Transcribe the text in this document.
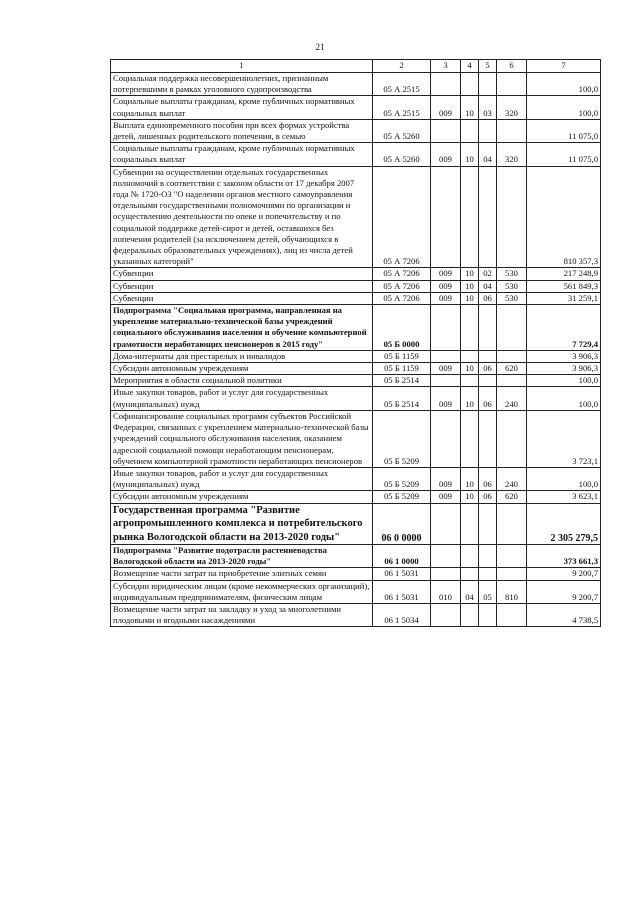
21
1	2	3	4	5	6	7
Социальная поддержка несовершеннолетних, признанным потерпевшими в рамках уголовного судопроизводства	05 А 2515					100,0
Социальные выплаты гражданам, кроме публичных нормативных социальных выплат	05 А 2515	009	10	03	320	100,0
Выплата единовременного пособия при всех формах устройства детей, лишенных родительского попечения, в семью	05 А 5260					11 075,0
Социальные выплаты гражданам, кроме публичных нормативных социальных выплат	05 А 5260	009	10	04	320	11 075,0
Субвенции на осуществлении отдельных государственных полномочий в соответствии с законом области от 17 декабря 2007 года № 1720-ОЗ "О наделении органов местного самоуправления отдельными государственными полномочиями по организации и осуществлению деятельности по опеке и попечительству и по социальной поддержке детей-сирот и детей, оставшихся без попечения родителей (за исключением детей, обучающихся в федеральных образовательных учреждениях), лиц из числа детей указанных категорий"	05 А 7206					810 357,3
Субвенции	05 А 7206	009	10	02	530	217 248,9
Субвенции	05 А 7206	009	10	04	530	561 849,3
Субвенции	05 А 7206	009	10	06	530	31 259,1
Подпрограмма "Социальная программа, направленная на укрепление материально-технической базы учреждений социального обслуживания населения и обучение компьютерной грамотности неработающих пенсионеров в 2015 году"	05 Б 0000					7 729,4
Дома-интернаты для престарелых и инвалидов	05 Б 1159					3 906,3
Субсидии автономным учреждениям	05 Б 1159	009	10	06	620	3 906,3
Мероприятия в области социальной политики	05 Б 2514					100,0
Иные закупки товаров, работ и услуг для государственных (муниципальных) нужд	05 Б 2514	009	10	06	240	100,0
Софинансирование социальных программ субъектов Российской Федерации, связанных с укреплением материально-технической базы учреждений социального обслуживания населения, оказанием адресной социальной помощи неработающим пенсионерам, обучением компьютерной грамотности неработающих пенсионеров	05 Б 5209					3 723,1
Иные закупки товаров, работ и услуг для государственных (муниципальных) нужд	05 Б 5209	009	10	06	240	100,0
Субсидии автономным учреждениям	05 Б 5209	009	10	06	620	3 623,1
Государственная программа "Развитие агропромышленного комплекса и потребительского рынка Вологодской области на 2013-2020 годы"	06 0 0000					2 305 279,5
Подпрограмма "Развитие подотрасли растениеводства Вологодской области на 2013-2020 годы"	06 1 0000					373 661,3
Возмещение части затрат на приобретение элитных семян	06 1 5031					9 200,7
Субсидии юридическим лицам (кроме некоммерческих организаций), индивидуальным предпринимателям, физическим лицам	06 1 5031	010	04	05	810	9 200,7
Возмещение части затрат на закладку и уход за многолетними плодовыми и ягодными насаждениями	06 1 5034					4 738,5
